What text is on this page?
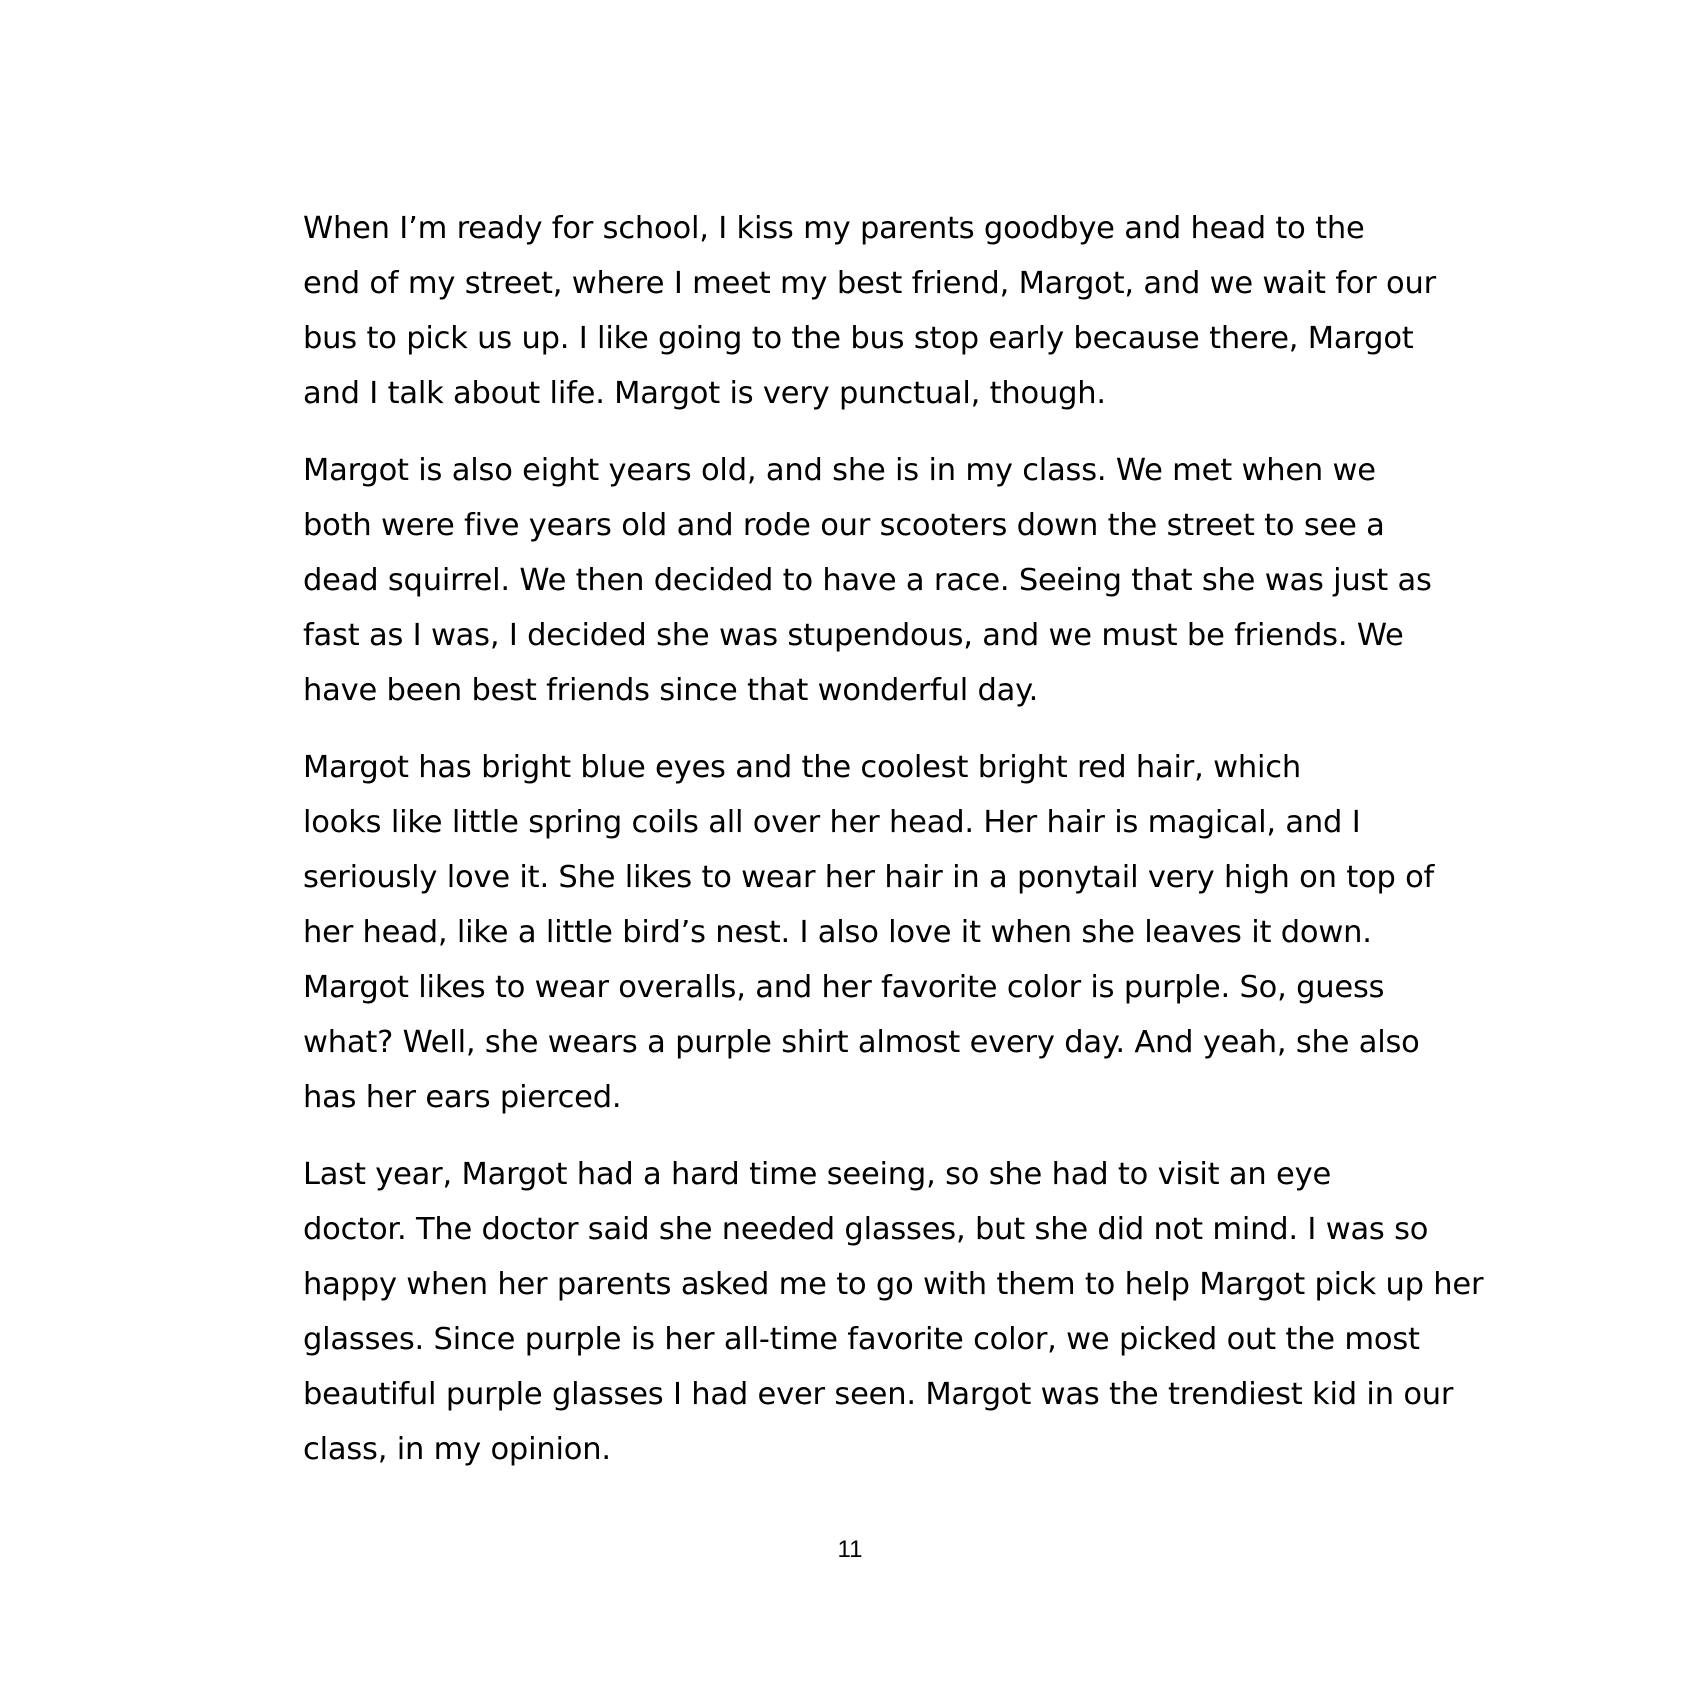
When I’m ready for school, I kiss my parents goodbye and head to the
end of my street, where I meet my best friend, Margot, and we wait for our
bus to pick us up. I like going to the bus stop early because there, Margot
and I talk about life. Margot is very punctual, though.

Margot is also eight years old, and she is in my class. We met when we
both were five years old and rode our scooters down the street to see a
dead squirrel. We then decided to have a race. Seeing that she was just as
fast as I was, I decided she was stupendous, and we must be friends. We
have been best friends since that wonderful day.

Margot has bright blue eyes and the coolest bright red hair, which
looks like little spring coils all over her head. Her hair is magical, and I
seriously love it. She likes to wear her hair in a ponytail very high on top of
her head, like a little bird’s nest. I also love it when she leaves it down.
Margot likes to wear overalls, and her favorite color is purple. So, guess
what? Well, she wears a purple shirt almost every day. And yeah, she also
has her ears pierced.

Last year, Margot had a hard time seeing, so she had to visit an eye
doctor. The doctor said she needed glasses, but she did not mind. I was so
happy when her parents asked me to go with them to help Margot pick up her
glasses. Since purple is her all-time favorite color, we picked out the most
beautiful purple glasses I had ever seen. Margot was the trendiest kid in our
class, in my opinion.

11
